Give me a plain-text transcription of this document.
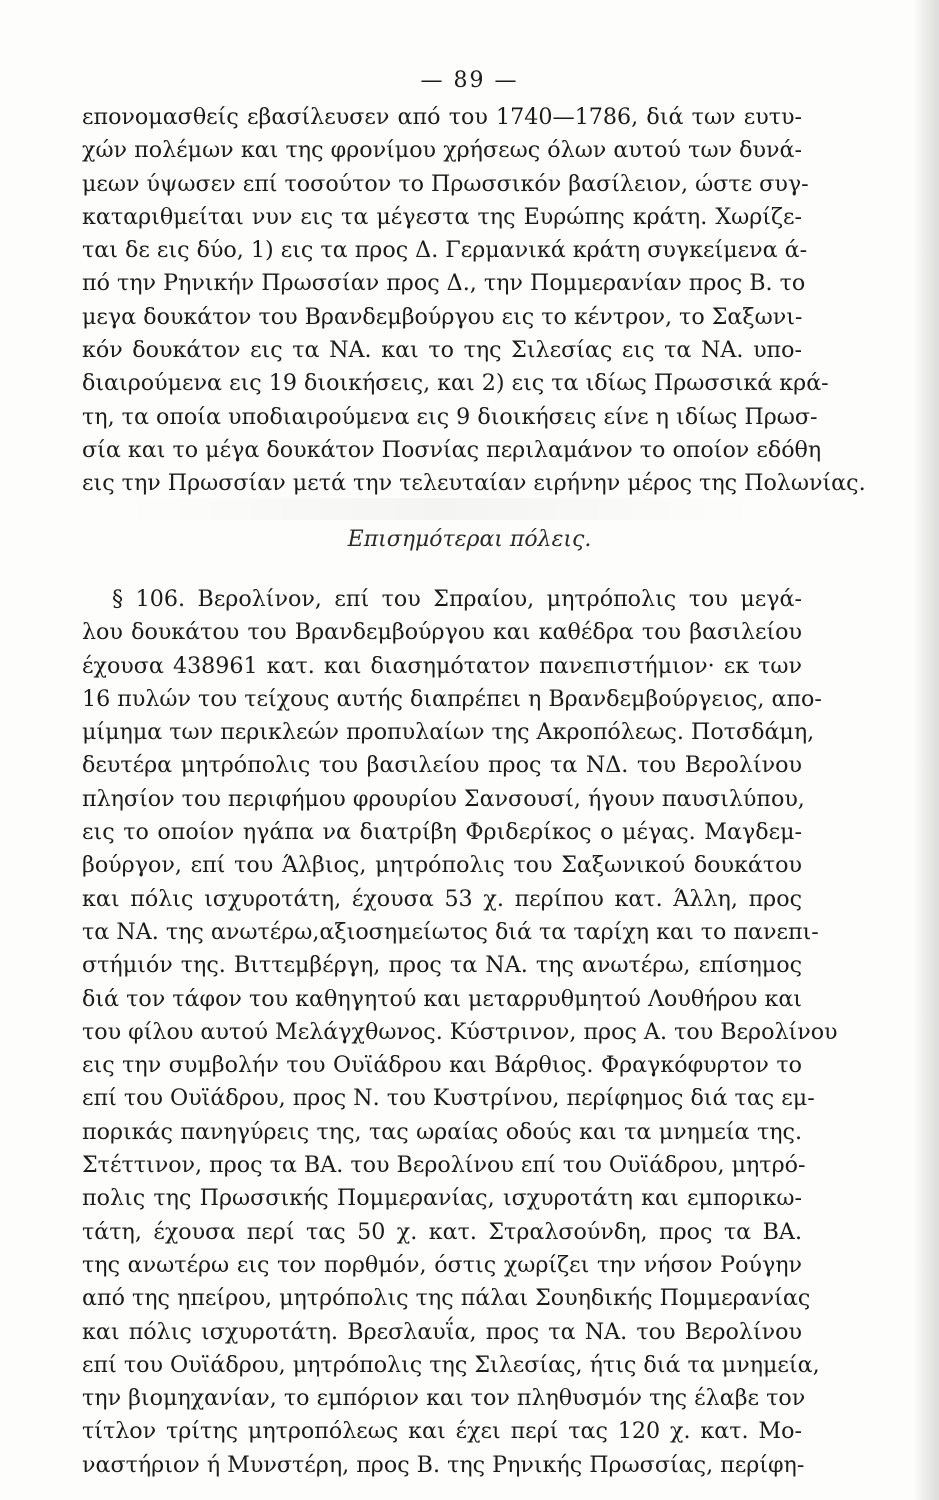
— 89 —
επονομασθείς εβασίλευσεν από του 1740—1786, διά των ευτυ-
χών πολέμων και της φρονίμου χρήσεως όλων αυτού των δυνά-
μεων ύψωσεν επί τοσούτον το Πρωσσικόν βασίλειον, ώστε συγ-
καταριθμείται νυν εις τα μέγεστα της Ευρώπης κράτη. Χωρίζε-
ται δε εις δύο, 1) εις τα προς Δ. Γερμανικά κράτη συγκείμενα ά-
πό την Ρηνικήν Πρωσσίαν προς Δ., την Πομμερανίαν προς Β. το
μεγα δουκάτον του Βρανδεμβούργου εις το κέντρον, το Σαξωνι-
κόν δουκάτον εις τα ΝΑ. και το της Σιλεσίας εις τα ΝΑ. υπο-
διαιρούμενα εις 19 διοικήσεις, και 2) εις τα ιδίως Πρωσσικά κρά-
τη, τα οποία υποδιαιρούμενα εις 9 διοικήσεις είνε η ιδίως Πρωσ-
σία και το μέγα δουκάτον Ποσνίας περιλαμάνον το οποίον εδόθη
εις την Πρωσσίαν μετά την τελευταίαν ειρήνην μέρος της Πολωνίας.
Επισημότεραι πόλεις.
§ 106. Βερολίνον, επί του Σπραίου, μητρόπολις του μεγά-
λου δουκάτου του Βρανδεμβούργου και καθέδρα του βασιλείου
έχουσα 438961 κατ. και διασημότατον πανεπιστήμιον· εκ των
16 πυλών του τείχους αυτής διαπρέπει η Βρανδεμβούργειος, απο-
μίμημα των περικλεών προπυλαίων της Ακροπόλεως. Ποτσδάμη,
δευτέρα μητρόπολις του βασιλείου προς τα ΝΔ. του Βερολίνου
πλησίον του περιφήμου φρουρίου Σανσουσί, ήγουν παυσιλύπου,
εις το οποίον ηγάπα να διατρίβη Φριδερίκος ο μέγας. Μαγδεμ-
βούργον, επί του Άλβιος, μητρόπολις του Σαξωνικού δουκάτου
και πόλις ισχυροτάτη, έχουσα 53 χ. περίπου κατ. Άλλη, προς
τα ΝΑ. της ανωτέρω,αξιοσημείωτος διά τα ταρίχη και το πανεπι-
στήμιόν της. Βιττεμβέργη, προς τα ΝΑ. της ανωτέρω, επίσημος
διά τον τάφον του καθηγητού και μεταρρυθμητού Λουθήρου και
του φίλου αυτού Μελάγχθωνος. Κύστρινον, προς Α. του Βερολίνου
εις την συμβολήν του Ουϊάδρου και Βάρθιος. Φραγκόφυρτον το
επί του Ουϊάδρου, προς Ν. του Κυστρίνου, περίφημος διά τας εμ-
πορικάς πανηγύρεις της, τας ωραίας οδούς και τα μνημεία της.
Στέττινον, προς τα ΒΑ. του Βερολίνου επί του Ουϊάδρου, μητρό-
πολις της Πρωσσικής Πομμερανίας, ισχυροτάτη και εμπορικω-
τάτη, έχουσα περί τας 50 χ. κατ. Στραλσούνδη, προς τα ΒΑ.
της ανωτέρω εις τον πορθμόν, όστις χωρίζει την νήσον Ρούγην
από της ηπείρου, μητρόπολις της πάλαι Σουηδικής Πομμερανίας
και πόλις ισχυροτάτη. Βρεσλαυΐα, προς τα ΝΑ. του Βερολίνου
επί του Ουϊάδρου, μητρόπολις της Σιλεσίας, ήτις διά τα μνημεία,
την βιομηχανίαν, το εμπόριον και τον πληθυσμόν της έλαβε τον
τίτλον τρίτης μητροπόλεως και έχει περί τας 120 χ. κατ. Μο-
ναστήριον ή Μυνστέρη, προς Β. της Ρηνικής Πρωσσίας, περίφη-
